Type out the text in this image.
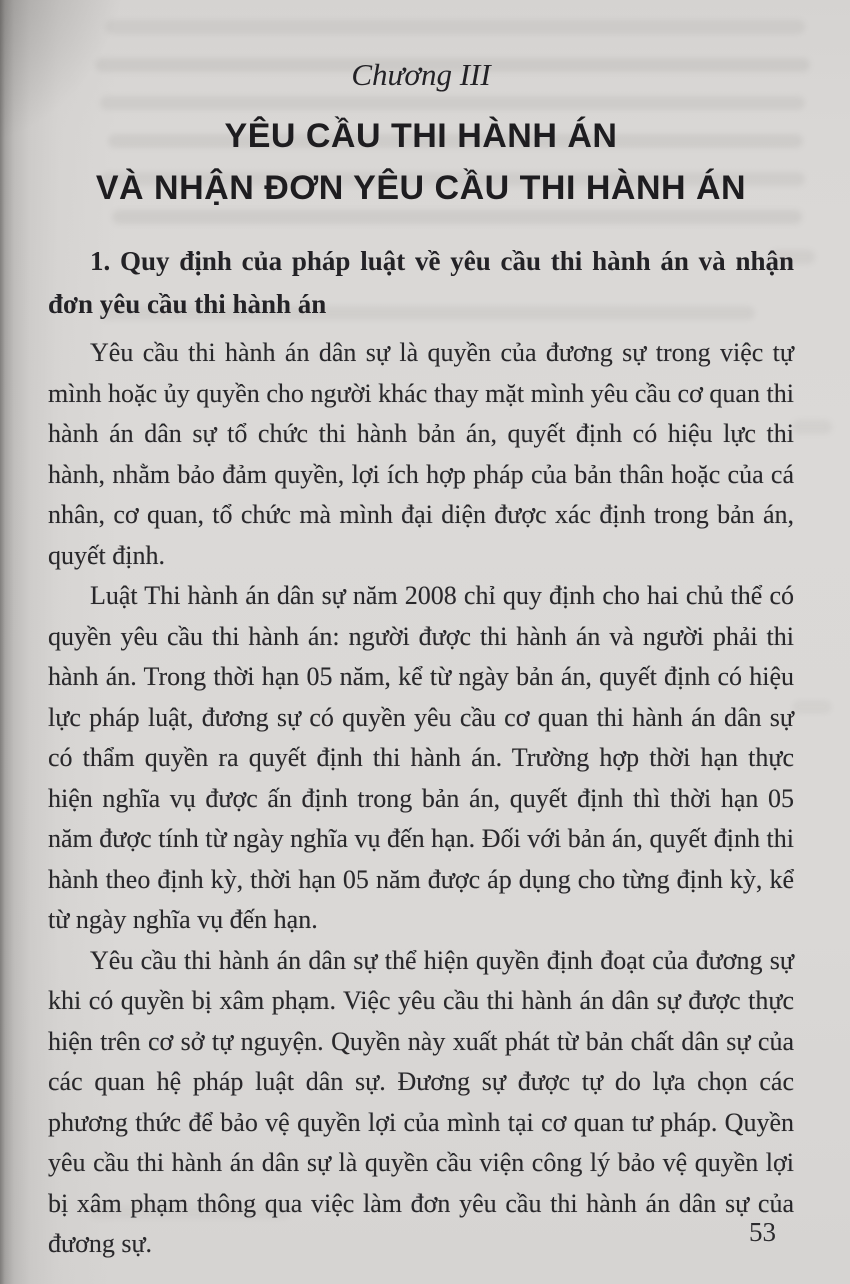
Chương III
YÊU CẦU THI HÀNH ÁN
VÀ NHẬN ĐƠN YÊU CẦU THI HÀNH ÁN
1. Quy định của pháp luật về yêu cầu thi hành án và nhận đơn yêu cầu thi hành án

Yêu cầu thi hành án dân sự là quyền của đương sự trong việc tự mình hoặc ủy quyền cho người khác thay mặt mình yêu cầu cơ quan thi hành án dân sự tổ chức thi hành bản án, quyết định có hiệu lực thi hành, nhằm bảo đảm quyền, lợi ích hợp pháp của bản thân hoặc của cá nhân, cơ quan, tổ chức mà mình đại diện được xác định trong bản án, quyết định.

Luật Thi hành án dân sự năm 2008 chỉ quy định cho hai chủ thể có quyền yêu cầu thi hành án: người được thi hành án và người phải thi hành án. Trong thời hạn 05 năm, kể từ ngày bản án, quyết định có hiệu lực pháp luật, đương sự có quyền yêu cầu cơ quan thi hành án dân sự có thẩm quyền ra quyết định thi hành án. Trường hợp thời hạn thực hiện nghĩa vụ được ấn định trong bản án, quyết định thì thời hạn 05 năm được tính từ ngày nghĩa vụ đến hạn. Đối với bản án, quyết định thi hành theo định kỳ, thời hạn 05 năm được áp dụng cho từng định kỳ, kể từ ngày nghĩa vụ đến hạn.

Yêu cầu thi hành án dân sự thể hiện quyền định đoạt của đương sự khi có quyền bị xâm phạm. Việc yêu cầu thi hành án dân sự được thực hiện trên cơ sở tự nguyện. Quyền này xuất phát từ bản chất dân sự của các quan hệ pháp luật dân sự. Đương sự được tự do lựa chọn các phương thức để bảo vệ quyền lợi của mình tại cơ quan tư pháp. Quyền yêu cầu thi hành án dân sự là quyền cầu viện công lý bảo vệ quyền lợi bị xâm phạm thông qua việc làm đơn yêu cầu thi hành án dân sự của đương sự.	53
